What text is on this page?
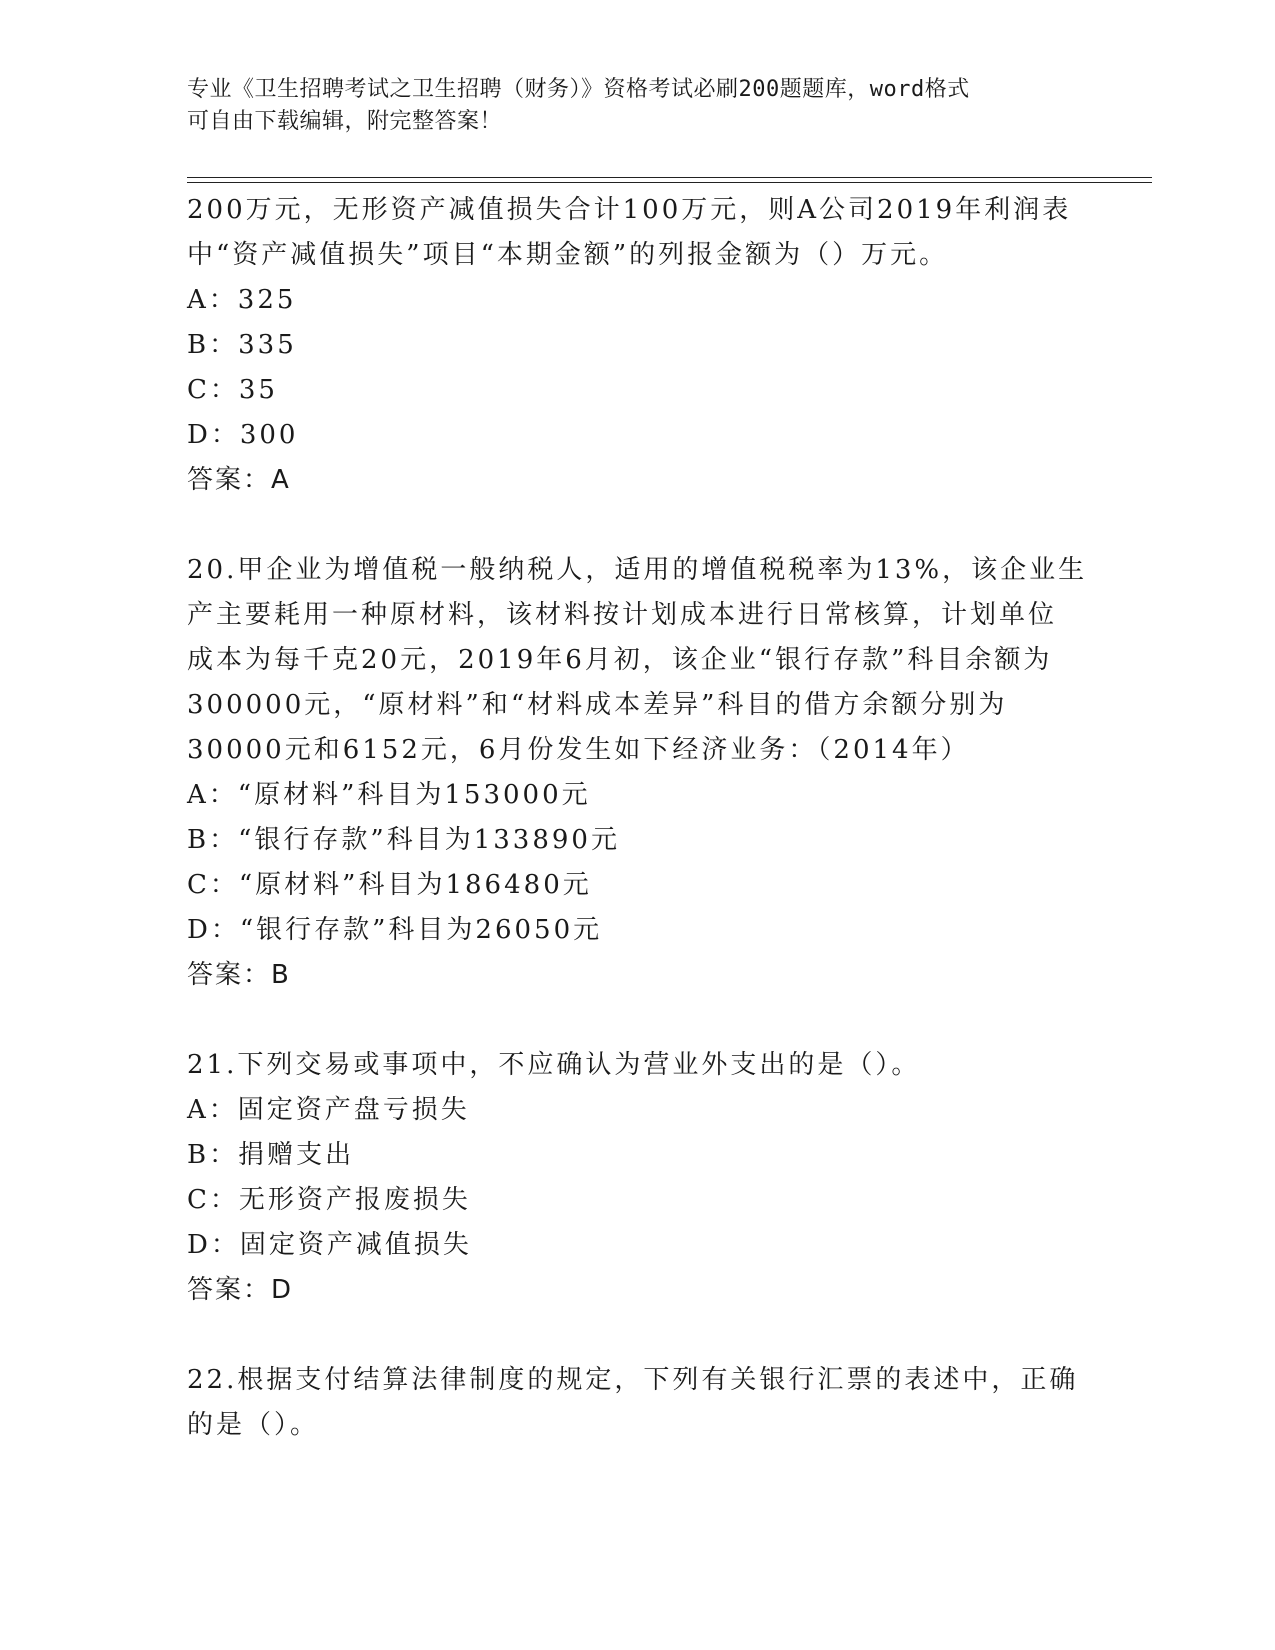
专业《卫生招聘考试之卫生招聘（财务）》资格考试必刷200题题库，word格式
可自由下载编辑，附完整答案！
200万元，无形资产减值损失合计100万元，则A公司2019年利润表
中“资产减值损失”项目“本期金额”的列报金额为（）万元。
A：325
B：335
C：35
D：300
答案：A
20.甲企业为增值税一般纳税人，适用的增值税税率为13%，该企业生
产主要耗用一种原材料，该材料按计划成本进行日常核算，计划单位
成本为每千克20元，2019年6月初，该企业“银行存款”科目余额为
300000元，“原材料”和“材料成本差异”科目的借方余额分别为
30000元和6152元，6月份发生如下经济业务：（2014年）
A：“原材料”科目为153000元
B：“银行存款”科目为133890元
C：“原材料”科目为186480元
D：“银行存款”科目为26050元
答案：B
21.下列交易或事项中，不应确认为营业外支出的是（）。
A：固定资产盘亏损失
B：捐赠支出
C：无形资产报废损失
D：固定资产减值损失
答案：D
22.根据支付结算法律制度的规定，下列有关银行汇票的表述中，正确
的是（）。
